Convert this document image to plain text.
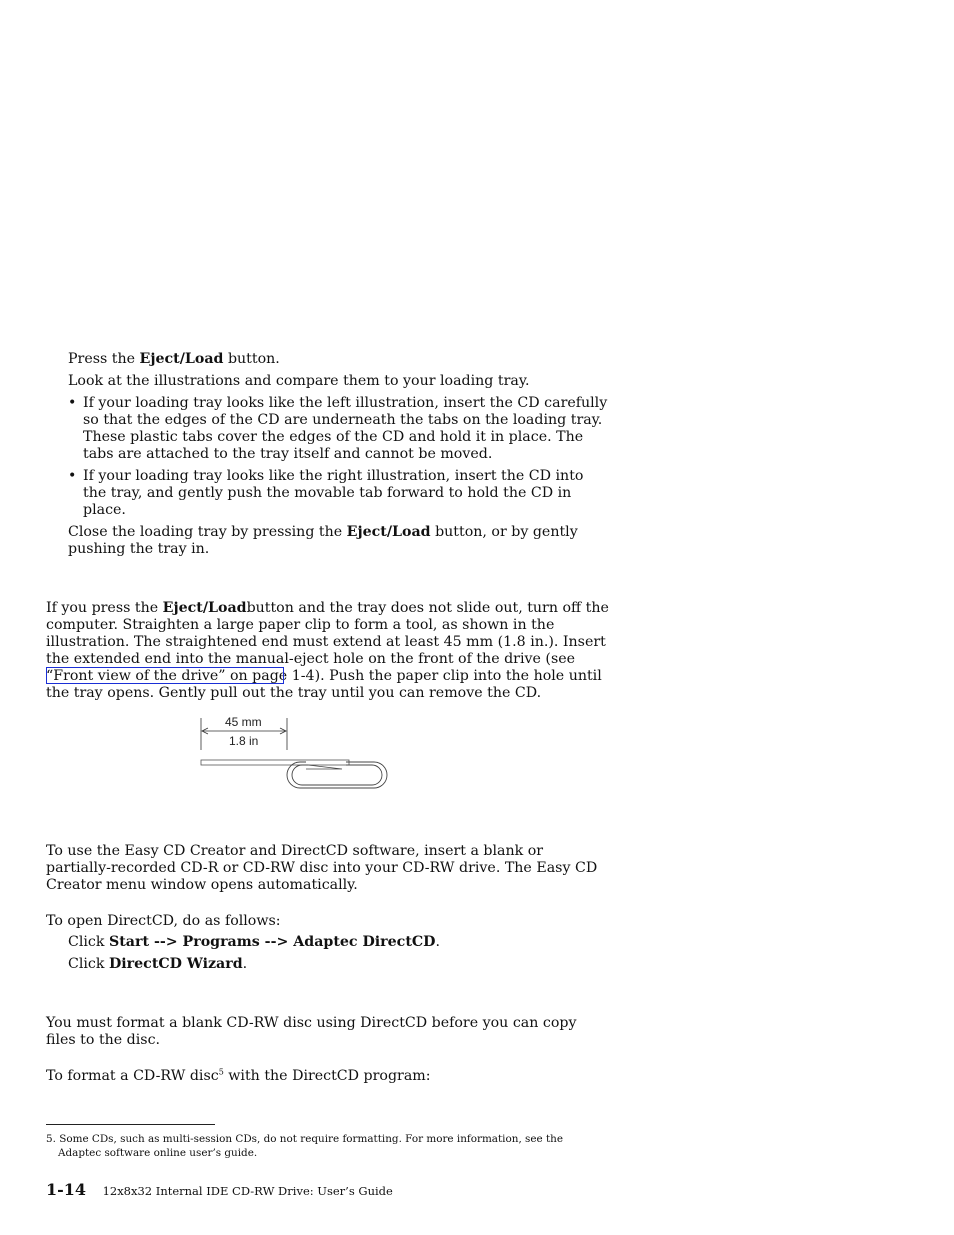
Press the Eject/Load button.

Look at the illustrations and compare them to your loading tray.

• If your loading tray looks like the left illustration, insert the CD carefully
so that the edges of the CD are underneath the tabs on the loading tray.
These plastic tabs cover the edges of the CD and hold it in place. The
tabs are attached to the tray itself and cannot be moved.
• If your loading tray looks like the right illustration, insert the CD into
the tray, and gently push the movable tab forward to hold the CD in
place.
Close the loading tray by pressing the Eject/Load button, or by gently
pushing the tray in.
If you press the Eject/Loadbutton and the tray does not slide out, turn off the
computer. Straighten a large paper clip to form a tool, as shown in the
illustration. The straightened end must extend at least 45 mm (1.8 in.). Insert
the extended end into the manual-eject hole on the front of the drive (see
“Front view of the drive” on page 1-4). Push the paper clip into the hole until
the tray opens. Gently pull out the tray until you can remove the CD.
45 mm
1.8 in
To use the Easy CD Creator and DirectCD software, insert a blank or
partially-recorded CD-R or CD-RW disc into your CD-RW drive. The Easy CD
Creator menu window opens automatically.

To open DirectCD, do as follows:

Click Start --> Programs --> Adaptec DirectCD.

Click DirectCD Wizard.

You must format a blank CD-RW disc using DirectCD before you can copy
files to the disc.

To format a CD-RW disc$^5$ with the DirectCD program:

5. Some CDs, such as multi-session CDs, do not require formatting. For more information, see the
Adaptec software online user’s guide.
1-14 12x8x32 Internal IDE CD-RW Drive: User’s Guide
